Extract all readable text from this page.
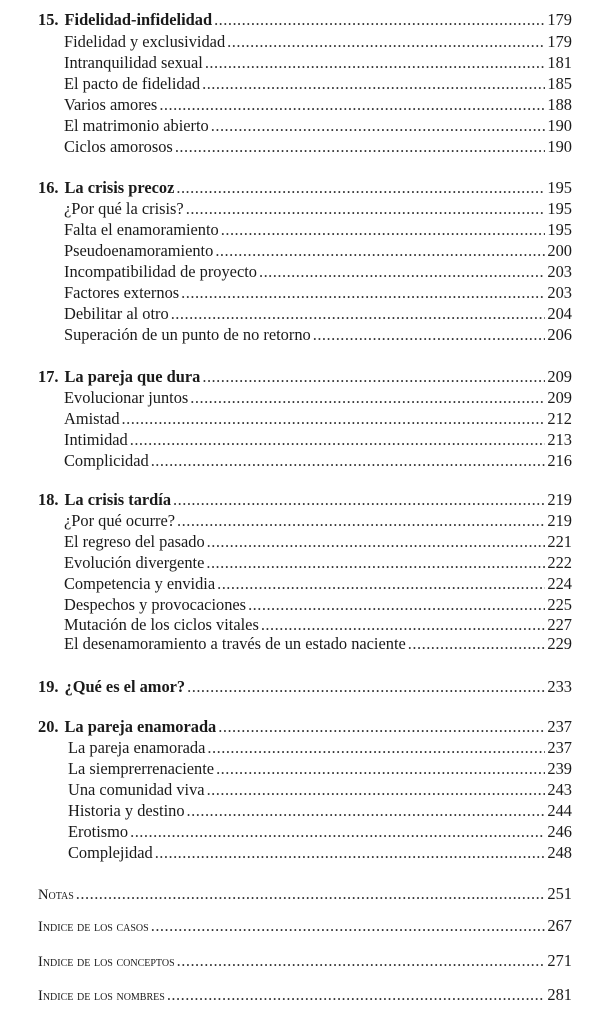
15. Fidelidad-infidelidad .....	179
Fidelidad y exclusividad .....	179
Intranquilidad sexual .....	181
El pacto de fidelidad .....	185
Varios amores .....	188
El matrimonio abierto .....	190
Ciclos amorosos .....	190
16. La crisis precoz .....	195
¿Por qué la crisis? .....	195
Falta el enamoramiento .....	195
Pseudoenamoramiento .....	200
Incompatibilidad de proyecto .....	203
Factores externos .....	203
Debilitar al otro .....	204
Superación de un punto de no retorno .....	206
17. La pareja que dura .....	209
Evolucionar juntos .....	209
Amistad .....	212
Intimidad .....	213
Complicidad .....	216
18. La crisis tardía .....	219
¿Por qué ocurre? .....	219
El regreso del pasado .....	221
Evolución divergente .....	222
Competencia y envidia .....	224
Despechos y provocaciones .....	225
Mutación de los ciclos vitales .....	227
El desenamoramiento a través de un estado naciente .....	229
19. ¿Qué es el amor? .....	233
20. La pareja enamorada .....	237
La pareja enamorada .....	237
La siemprerrenaciente .....	239
Una comunidad viva .....	243
Historia y destino .....	244
Erotismo .....	246
Complejidad .....	248
Notas .....	251
Indice de los casos .....	267
Indice de los conceptos .....	271
Indice de los nombres .....	281
